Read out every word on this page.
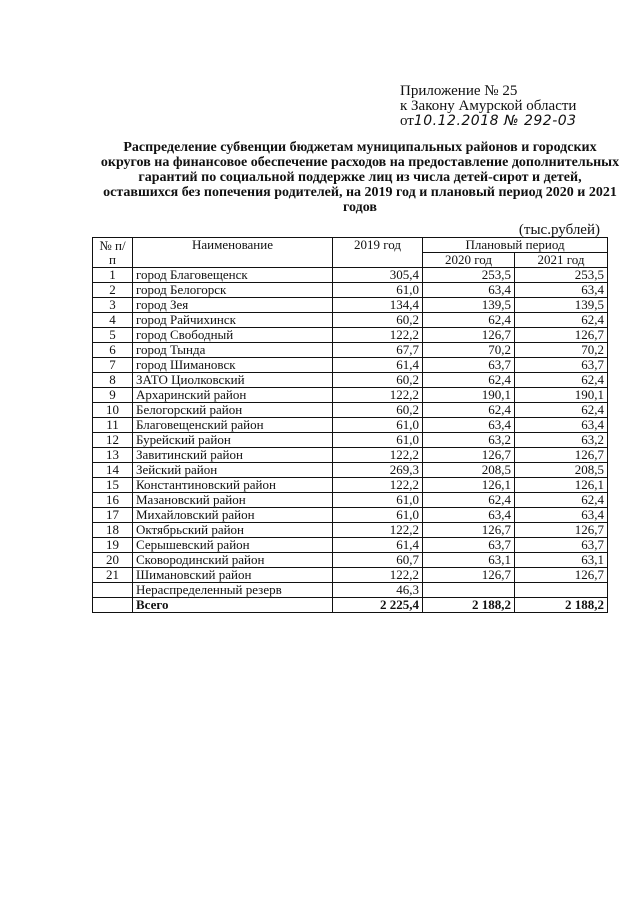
Приложение № 25
к Закону Амурской области
от10.12.2018 № 292-03
Распределение субвенции бюджетам муниципальных районов и городских округов на финансовое обеспечение расходов на предоставление дополнительных гарантий по социальной поддержке лиц из числа детей-сирот и детей, оставшихся без попечения родителей, на 2019 год и плановый период 2020 и 2021 годов
(тыс.рублей)
№ п/п	Наименование	2019 год	Плановый период	
			2020 год	2021 год
1	город Благовещенск	305,4	253,5	253,5
2	город Белогорск	61,0	63,4	63,4
3	город Зея	134,4	139,5	139,5
4	город Райчихинск	60,2	62,4	62,4
5	город Свободный	122,2	126,7	126,7
6	город Тында	67,7	70,2	70,2
7	город Шимановск	61,4	63,7	63,7
8	ЗАТО Циолковский	60,2	62,4	62,4
9	Архаринский район	122,2	190,1	190,1
10	Белогорский район	60,2	62,4	62,4
11	Благовещенский район	61,0	63,4	63,4
12	Бурейский район	61,0	63,2	63,2
13	Завитинский район	122,2	126,7	126,7
14	Зейский район	269,3	208,5	208,5
15	Константиновский район	122,2	126,1	126,1
16	Мазановский район	61,0	62,4	62,4
17	Михайловский район	61,0	63,4	63,4
18	Октябрьский район	122,2	126,7	126,7
19	Серышевский район	61,4	63,7	63,7
20	Сковородинский район	60,7	63,1	63,1
21	Шимановский район	122,2	126,7	126,7
	Нераспределенный резерв	46,3		
	Всего	2 225,4	2 188,2	2 188,2
